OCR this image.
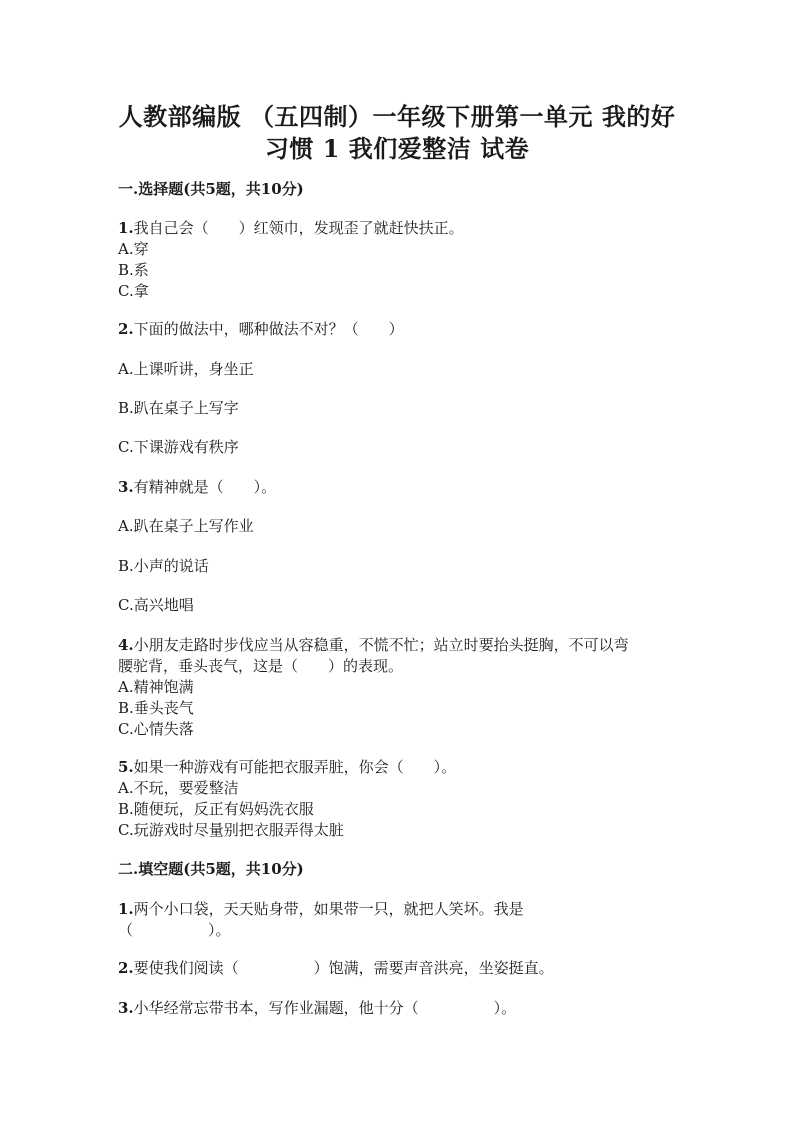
人教部编版 （五四制）一年级下册第一单元 我的好
习惯 1 我们爱整洁 试卷
一.选择题(共5题，共10分)
1.我自己会（　　）红领巾，发现歪了就赶快扶正。
A.穿
B.系
C.拿
2.下面的做法中，哪种做法不对？（　　）
A.上课听讲，身坐正
B.趴在桌子上写字
C.下课游戏有秩序
3.有精神就是（　　）。
A.趴在桌子上写作业
B.小声的说话
C.高兴地唱
4.小朋友走路时步伐应当从容稳重，不慌不忙；站立时要抬头挺胸，不可以弯
腰驼背，垂头丧气，这是（　　）的表现。
A.精神饱满
B.垂头丧气
C.心情失落
5.如果一种游戏有可能把衣服弄脏，你会（　　）。
A.不玩，要爱整洁
B.随便玩，反正有妈妈洗衣服
C.玩游戏时尽量别把衣服弄得太脏
二.填空题(共5题，共10分)
1.两个小口袋，天天贴身带，如果带一只，就把人笑坏。我是
（　　　　　）。
2.要使我们阅读（　　　　　）饱满，需要声音洪亮，坐姿挺直。
3.小华经常忘带书本，写作业漏题，他十分（　　　　　）。
